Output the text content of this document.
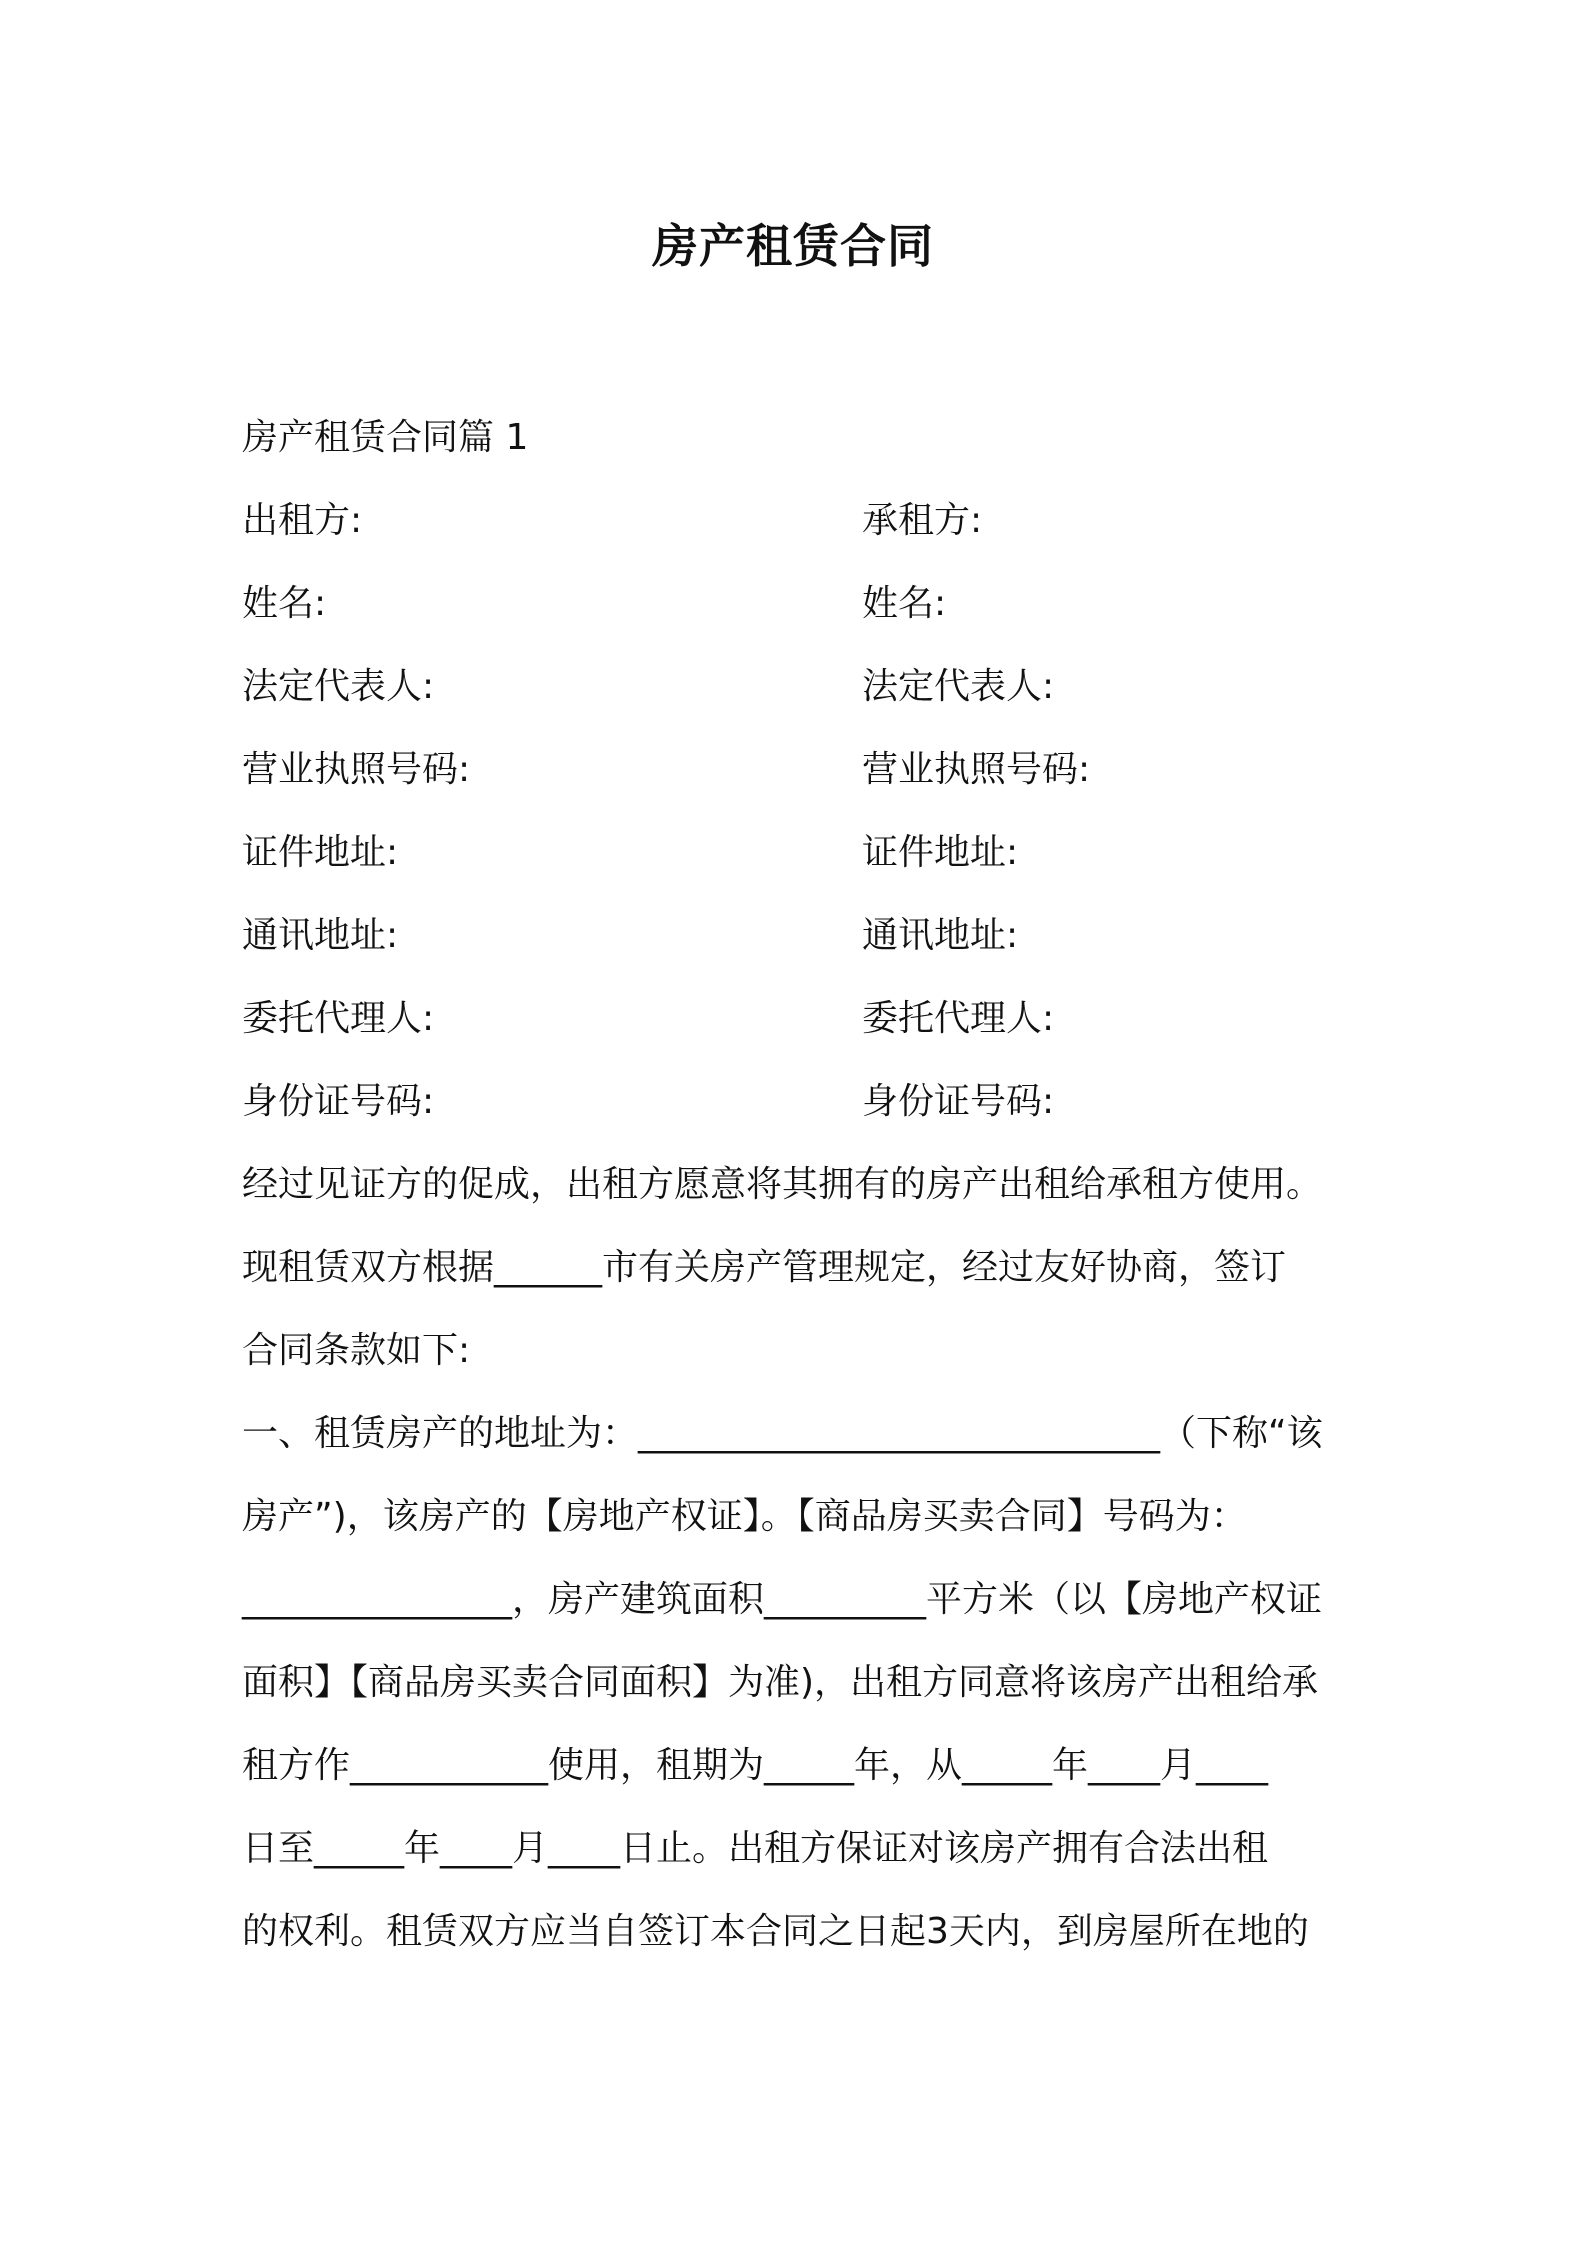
房产租赁合同
房产租赁合同篇 1
出租方:	承租方:
姓名:	姓名:
法定代表人:	法定代表人:
营业执照号码:	营业执照号码:
证件地址:	证件地址:
通讯地址:	通讯地址:
委托代理人:	委托代理人:
身份证号码:	身份证号码:
经过见证方的促成，出租方愿意将其拥有的房产出租给承租方使用。
现租赁双方根据______市有关房产管理规定，经过友好协商，签订
合同条款如下:
一、租赁房产的地址为：_____________________________（下称“该
房产”)，该房产的【房地产权证】。【商品房买卖合同】号码为：
_______________，房产建筑面积_________平方米（以【房地产权证
面积】【商品房买卖合同面积】为准)，出租方同意将该房产出租给承
租方作___________使用，租期为_____年，从_____年____月____
日至_____年____月____日止。出租方保证对该房产拥有合法出租
的权利。租赁双方应当自签订本合同之日起3天内，到房屋所在地的
